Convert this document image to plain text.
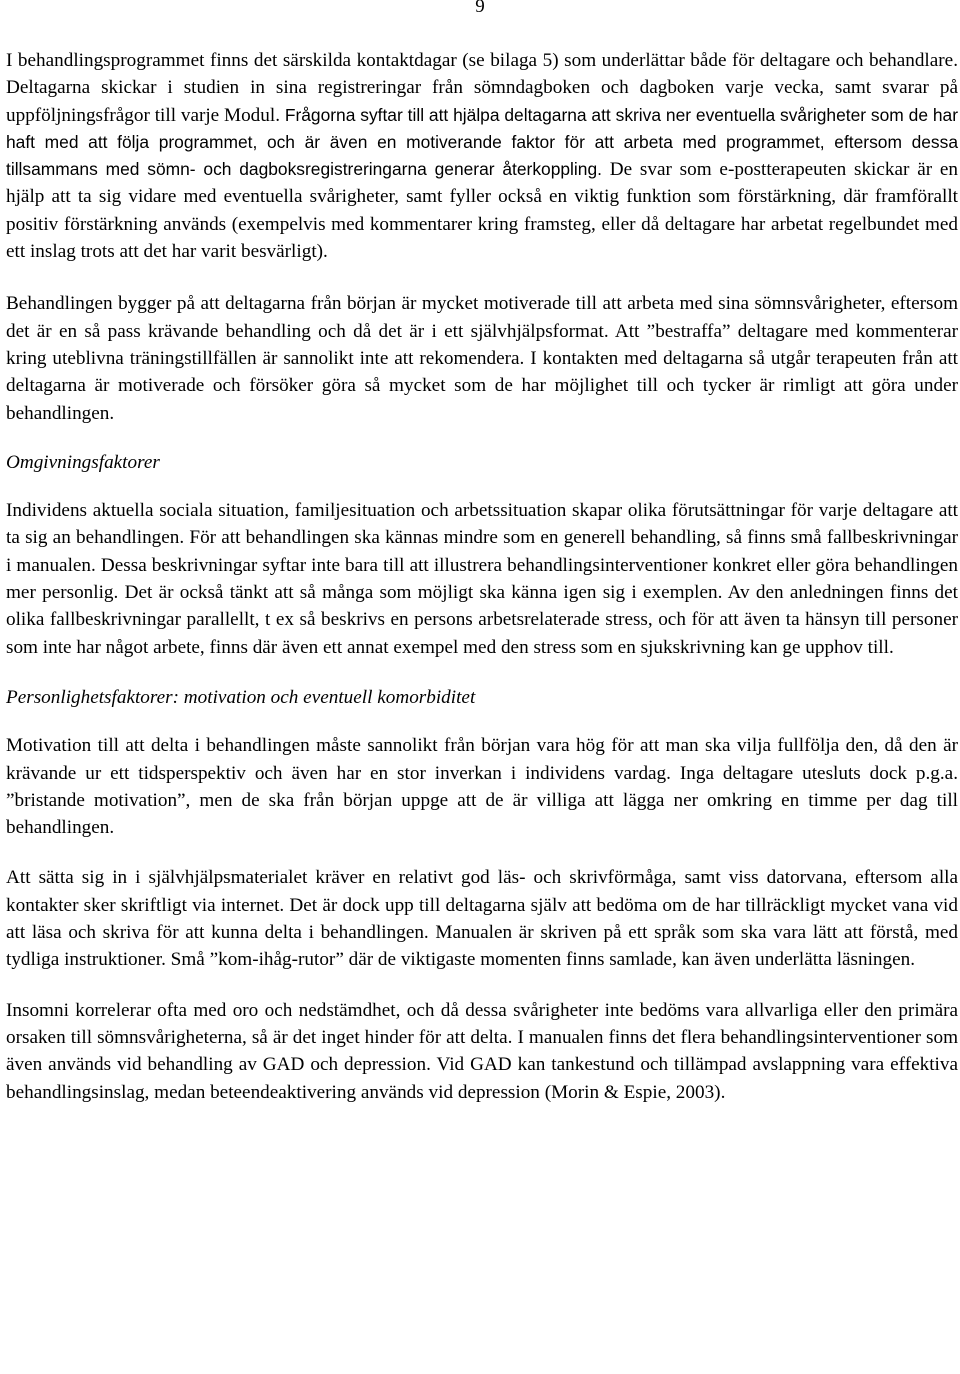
9

I behandlingsprogrammet finns det särskilda kontaktdagar (se bilaga 5) som underlättar både för deltagare och behandlare. Deltagarna skickar i studien in sina registreringar från sömndagboken och dagboken varje vecka, samt svarar på uppföljningsfrågor till varje Modul. Frågorna syftar till att hjälpa deltagarna att skriva ner eventuella svårigheter som de har haft med att följa programmet, och är även en motiverande faktor för att arbeta med programmet, eftersom dessa tillsammans med sömn- och dagboksregistreringarna generar återkoppling. De svar som e-postterapeuten skickar är en hjälp att ta sig vidare med eventuella svårigheter, samt fyller också en viktig funktion som förstärkning, där framförallt positiv förstärkning används (exempelvis med kommentarer kring framsteg, eller då deltagare har arbetat regelbundet med ett inslag trots att det har varit besvärligt).

Behandlingen bygger på att deltagarna från början är mycket motiverade till att arbeta med sina sömnsvårigheter, eftersom det är en så pass krävande behandling och då det är i ett självhjälpsformat. Att ”bestraffa” deltagare med kommenterar kring uteblivna träningstillfällen är sannolikt inte att rekomendera. I kontakten med deltagarna så utgår terapeuten från att deltagarna är motiverade och försöker göra så mycket som de har möjlighet till och tycker är rimligt att göra under behandlingen.

Omgivningsfaktorer

Individens aktuella sociala situation, familjesituation och arbetssituation skapar olika förutsättningar för varje deltagare att ta sig an behandlingen. För att behandlingen ska kännas mindre som en generell behandling, så finns små fallbeskrivningar i manualen. Dessa beskrivningar syftar inte bara till att illustrera behandlingsinterventioner konkret eller göra behandlingen mer personlig. Det är också tänkt att så många som möjligt ska känna igen sig i exemplen. Av den anledningen finns det olika fallbeskrivningar parallellt, t ex så beskrivs en persons arbetsrelaterade stress, och för att även ta hänsyn till personer som inte har något arbete, finns där även ett annat exempel med den stress som en sjukskrivning kan ge upphov till.

Personlighetsfaktorer: motivation och eventuell komorbiditet

Motivation till att delta i behandlingen måste sannolikt från början vara hög för att man ska vilja fullfölja den, då den är krävande ur ett tidsperspektiv och även har en stor inverkan i individens vardag. Inga deltagare utesluts dock p.g.a. ”bristande motivation”, men de ska från början uppge att de är villiga att lägga ner omkring en timme per dag till behandlingen.

Att sätta sig in i självhjälpsmaterialet kräver en relativt god läs- och skrivförmåga, samt viss datorvana, eftersom alla kontakter sker skriftligt via internet. Det är dock upp till deltagarna själv att bedöma om de har tillräckligt mycket vana vid att läsa och skriva för att kunna delta i behandlingen. Manualen är skriven på ett språk som ska vara lätt att förstå, med tydliga instruktioner. Små ”kom-ihåg-rutor” där de viktigaste momenten finns samlade, kan även underlätta läsningen.

Insomni korrelerar ofta med oro och nedstämdhet, och då dessa svårigheter inte bedöms vara allvarliga eller den primära orsaken till sömnsvårigheterna, så är det inget hinder för att delta. I manualen finns det flera behandlingsinterventioner som även används vid behandling av GAD och depression. Vid GAD kan tankestund och tillämpad avslappning vara effektiva behandlingsinslag, medan beteendeaktivering används vid depression (Morin & Espie, 2003).
